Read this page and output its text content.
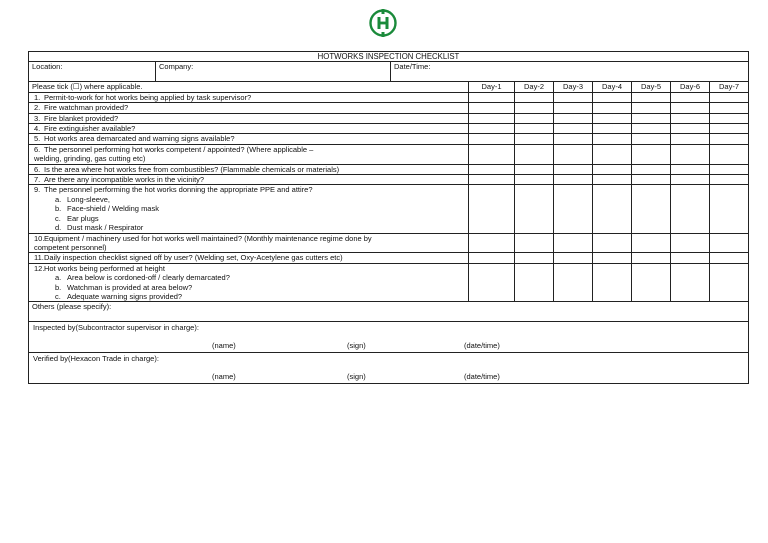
HOTWORKS INSPECTION CHECKLIST									
Location:	Company:	Date/Time:							
Please tick (☐) where applicable.			Day-1	Day-2	Day-3	Day-4	Day-5	Day-6	Day-7

1. Permit-to-work for hot works being applied by task supervisor?									

2. Fire watchman provided?									

3. Fire blanket provided?									

4. Fire extinguisher available?									

5. Hot works area demarcated and warning signs available?									

6. The personnel performing hot works competent / appointed? (Where applicable –
welding, grinding, gas cutting etc)									

6. Is the area where hot works free from combustibles? (Flammable chemicals or materials)									

7. Are there any incompatible works in the vicinity?									

9. The personnel performing the hot works donning the appropriate PPE and attire?
a. Long-sleeve,
b. Face-shield / Welding mask
c. Ear plugs
d. Dust mask / Respirator									

10.Equipment / machinery used for hot works well maintained? (Monthly maintenance regime done by
competent personnel)									

11.Daily inspection checklist signed off by user? (Welding set, Oxy-Acetylene gas cutters etc)									

12.Hot works being performed at height
a. Area below is cordoned-off / clearly demarcated?
b. Watchman is provided at area below?
c. Adequate warning signs provided?									

Others (please specify):									

Inspected by(Subcontractor supervisor in charge):
(name) (sign) (date/time)									

Verified by(Hexacon Trade in charge):
(name) (sign) (date/time)									
